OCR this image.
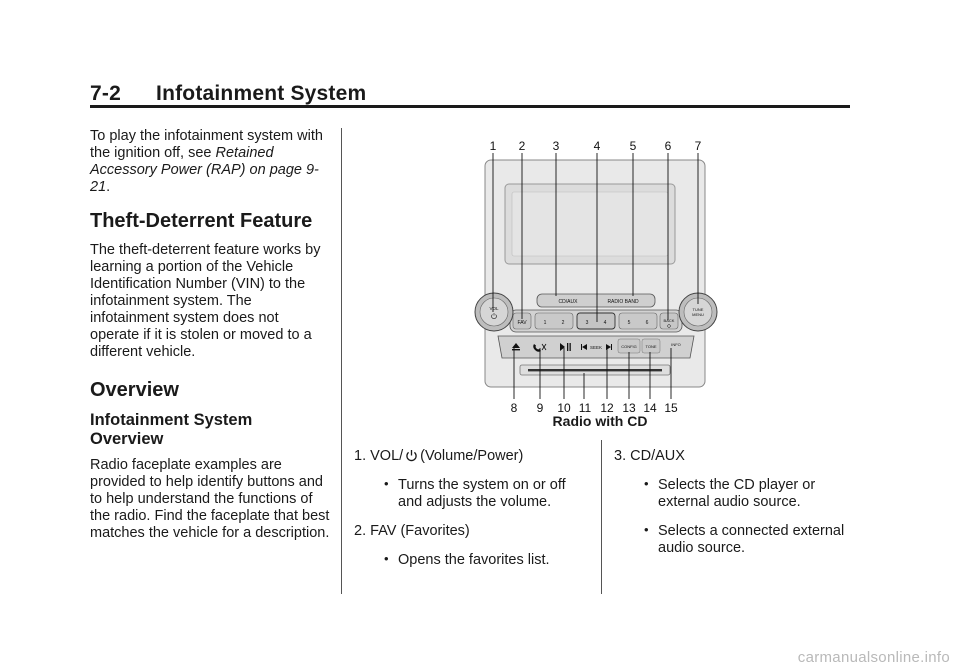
7-2 Infotainment System

To play the infotainment system with the ignition off, see Retained Accessory Power (RAP) on page 9-21.

Theft-Deterrent Feature

The theft-deterrent feature works by learning a portion of the Vehicle Identification Number (VIN) to the infotainment system. The infotainment system does not operate if it is stolen or moved to a different vehicle.

Overview
Infotainment System Overview

Radio faceplate examples are provided to help identify buttons and to help understand the functions of the radio. Find the faceplate that best matches the vehicle for a description.

CD/AUX	RADIO BAND
FAV	1	2	3	4	5	6	BACK
VOL	TUNE
MENU
SEEK	CONFIG TONE	INFO
1 2 3	4 5 6 7
8 9 10 11 12 13 14 15
Radio with CD
1. VOL/ (Volume/Power)
• Turns the system on or off and adjusts the volume.
2. FAV (Favorites)
• Opens the favorites list.
3. CD/AUX
• Selects the CD player or external audio source.
• Selects a connected external audio source.
carmanualsonline.info
